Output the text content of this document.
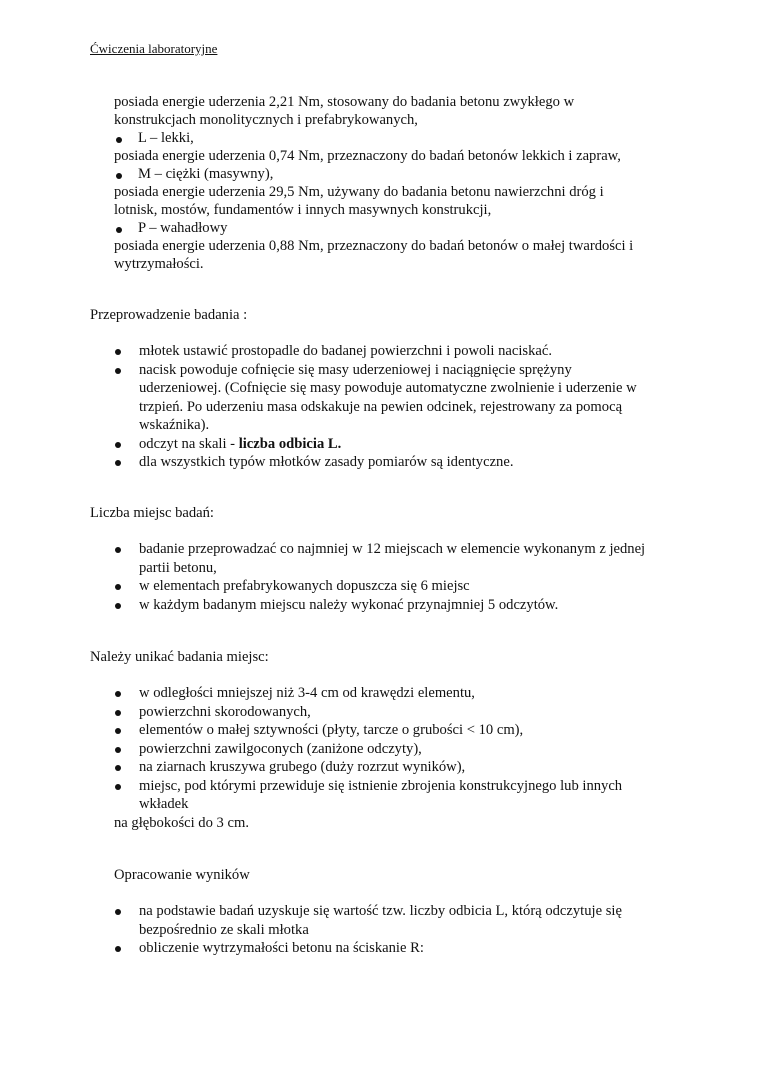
Ćwiczenia laboratoryjne
posiada energie uderzenia 2,21 Nm, stosowany do badania betonu zwykłego w
konstrukcjach monolitycznych i prefabrykowanych,
L – lekki,
posiada energie uderzenia 0,74 Nm, przeznaczony do badań betonów lekkich i zapraw,
M – ciężki (masywny),
posiada energie uderzenia 29,5 Nm, używany do badania betonu nawierzchni dróg i
lotnisk, mostów, fundamentów i innych masywnych konstrukcji,
P – wahadłowy
posiada energie uderzenia 0,88 Nm, przeznaczony do badań betonów o małej twardości i
wytrzymałości.
Przeprowadzenie badania :
młotek ustawić prostopadle do badanej powierzchni i powoli naciskać.
nacisk powoduje cofnięcie się masy uderzeniowej i naciągnięcie sprężyny uderzeniowej. (Cofnięcie się masy powoduje automatyczne zwolnienie i uderzenie w trzpień. Po uderzeniu masa odskakuje na pewien odcinek, rejestrowany za pomocą wskaźnika).
odczyt na skali - liczba odbicia L.
dla wszystkich typów młotków zasady pomiarów są identyczne.
Liczba miejsc badań:
badanie przeprowadzać co najmniej w 12 miejscach w elemencie wykonanym z jednej partii betonu,
w elementach prefabrykowanych dopuszcza się 6 miejsc
w każdym badanym miejscu należy wykonać przynajmniej 5 odczytów.
Należy unikać badania miejsc:
w odległości mniejszej niż 3-4 cm od krawędzi elementu,
powierzchni skorodowanych,
elementów o małej sztywności (płyty, tarcze o grubości < 10 cm),
powierzchni zawilgoconych (zaniżone odczyty),
na ziarnach kruszywa grubego (duży rozrzut wyników),
miejsc, pod którymi przewiduje się istnienie zbrojenia konstrukcyjnego lub innych wkładek
na głębokości do 3 cm.
Opracowanie wyników
na podstawie badań uzyskuje się wartość tzw. liczby odbicia L, którą odczytuje się bezpośrednio ze skali młotka
obliczenie wytrzymałości betonu na ściskanie R:
